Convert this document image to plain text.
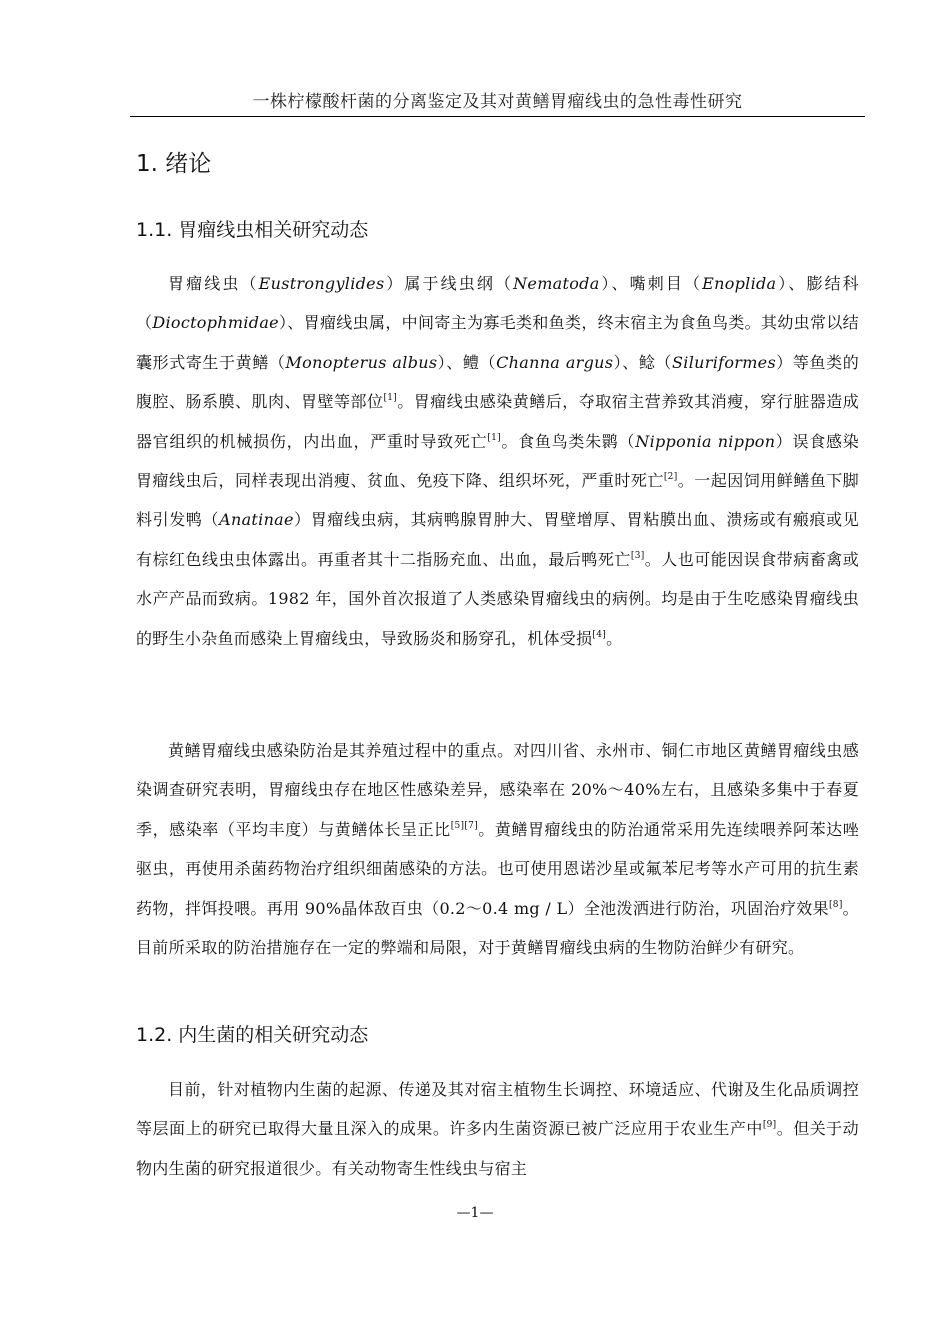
一株柠檬酸杆菌的分离鉴定及其对黄鳝胃瘤线虫的急性毒性研究
1. 绪论
1.1. 胃瘤线虫相关研究动态

胃瘤线虫（Eustrongylides）属于线虫纲（Nematoda）、嘴刺目（Enoplida）、膨结科（Dioctophmidae）、胃瘤线虫属，中间寄主为寡毛类和鱼类，终末宿主为食鱼鸟类。其幼虫常以结囊形式寄生于黄鳝（Monopterus albus）、鳢（Channa argus）、鲶（Siluriformes）等鱼类的腹腔、肠系膜、肌肉、胃壁等部位[1]。胃瘤线虫感染黄鳝后，夺取宿主营养致其消瘦，穿行脏器造成器官组织的机械损伤，内出血，严重时导致死亡[1]。食鱼鸟类朱鹮（Nipponia nippon）误食感染胃瘤线虫后，同样表现出消瘦、贫血、免疫下降、组织坏死，严重时死亡[2]。一起因饲用鲜鳝鱼下脚料引发鸭（Anatinae）胃瘤线虫病，其病鸭腺胃肿大、胃壁增厚、胃粘膜出血、溃疡或有瘢痕或见有棕红色线虫虫体露出。再重者其十二指肠充血、出血，最后鸭死亡[3]。人也可能因误食带病畜禽或水产产品而致病。1982 年，国外首次报道了人类感染胃瘤线虫的病例。均是由于生吃感染胃瘤线虫的野生小杂鱼而感染上胃瘤线虫，导致肠炎和肠穿孔，机体受损[4]。

黄鳝胃瘤线虫感染防治是其养殖过程中的重点。对四川省、永州市、铜仁市地区黄鳝胃瘤线虫感染调查研究表明，胃瘤线虫存在地区性感染差异，感染率在 20%～40%左右，且感染多集中于春夏季，感染率（平均丰度）与黄鳝体长呈正比[5][7]。黄鳝胃瘤线虫的防治通常采用先连续喂养阿苯达唑驱虫，再使用杀菌药物治疗组织细菌感染的方法。也可使用恩诺沙星或氟苯尼考等水产可用的抗生素药物，拌饵投喂。再用 90%晶体敌百虫（0.2～0.4 mg / L）全池泼洒进行防治，巩固治疗效果[8]。目前所采取的防治措施存在一定的弊端和局限，对于黄鳝胃瘤线虫病的生物防治鲜少有研究。

1.2. 内生菌的相关研究动态

目前，针对植物内生菌的起源、传递及其对宿主植物生长调控、环境适应、代谢及生化品质调控等层面上的研究已取得大量且深入的成果。许多内生菌资源已被广泛应用于农业生产中[9]。但关于动物内生菌的研究报道很少。有关动物寄生性线虫与宿主

—1—
